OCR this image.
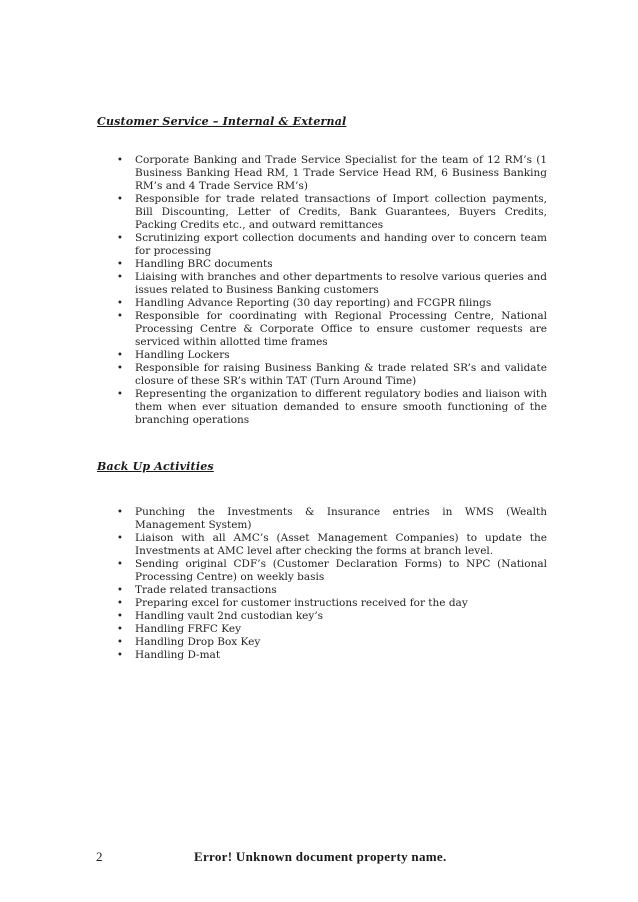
Customer Service – Internal & External

• Corporate Banking and Trade Service Specialist for the team of 12 RM’s (1 Business Banking Head RM, 1 Trade Service Head RM, 6 Business Banking RM’s and 4 Trade Service RM’s)
• Responsible for trade related transactions of Import collection payments, Bill Discounting, Letter of Credits, Bank Guarantees, Buyers Credits, Packing Credits etc., and outward remittances
• Scrutinizing export collection documents and handing over to concern team for processing
• Handling BRC documents
• Liaising with branches and other departments to resolve various queries and issues related to Business Banking customers
• Handling Advance Reporting (30 day reporting) and FCGPR filings
• Responsible for coordinating with Regional Processing Centre, National Processing Centre & Corporate Office to ensure customer requests are serviced within allotted time frames
• Handling Lockers
• Responsible for raising Business Banking & trade related SR’s and validate closure of these SR’s within TAT (Turn Around Time)
• Representing the organization to different regulatory bodies and liaison with them when ever situation demanded to ensure smooth functioning of the branching operations

Back Up Activities

• Punching the Investments & Insurance entries in WMS (Wealth Management System)
• Liaison with all AMC’s (Asset Management Companies) to update the Investments at AMC level after checking the forms at branch level.
• Sending original CDF’s (Customer Declaration Forms) to NPC (National Processing Centre) on weekly basis
• Trade related transactions
• Preparing excel for customer instructions received for the day
• Handling vault 2nd custodian key’s
• Handling FRFC Key
• Handling Drop Box Key
• Handling D-mat
2	Error! Unknown document property name.
